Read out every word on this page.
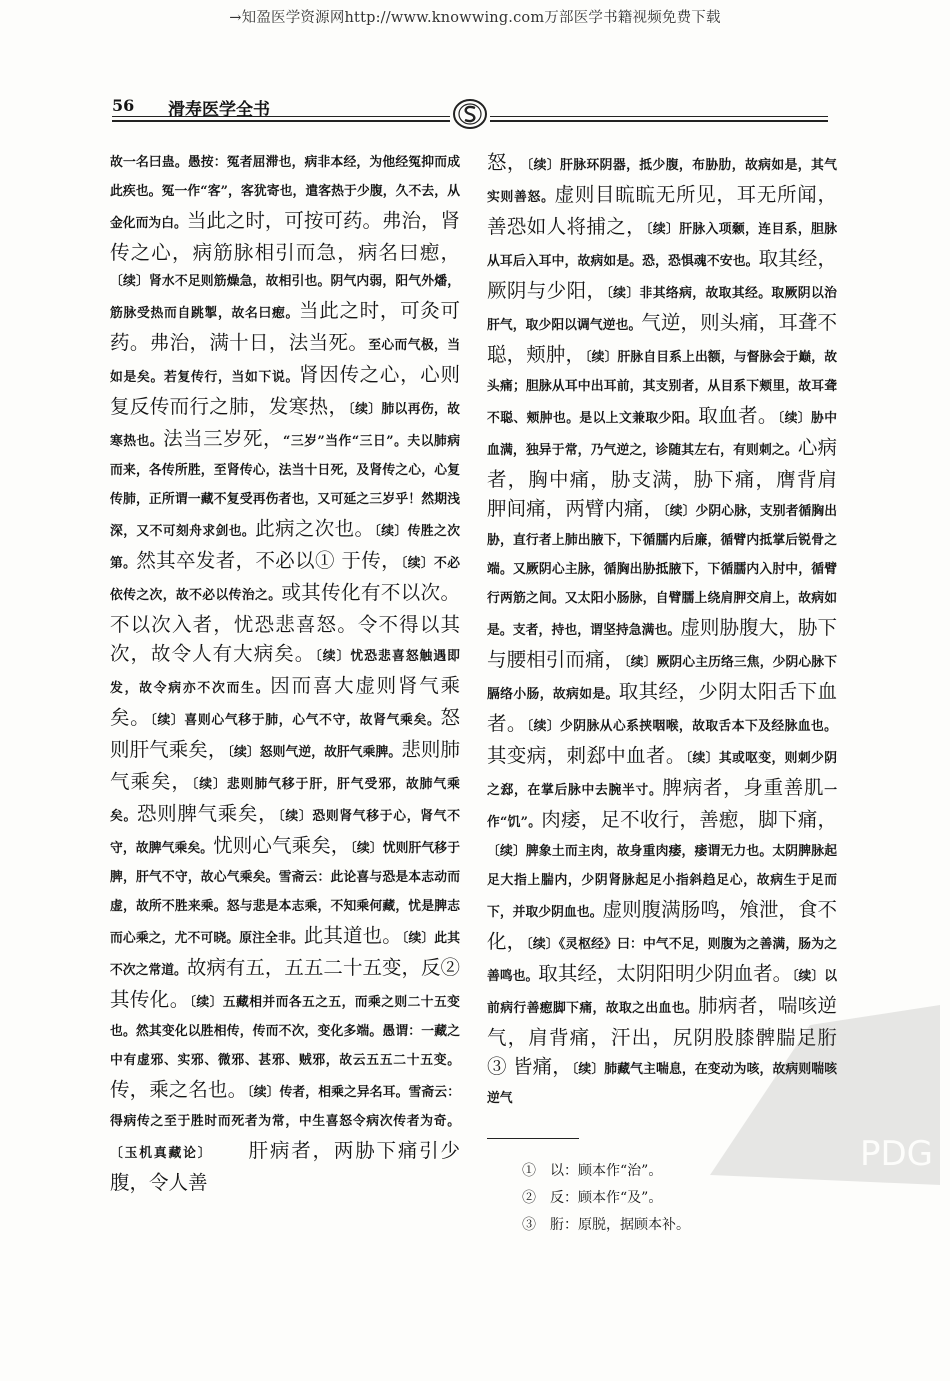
→知盈医学资源网http://www.knowwing.com万部医学书籍视频免费下载
56 滑寿医学全书

故一名曰蛊。愚按：冤者屈滞也，病非本经，为他经冤抑而成此疾也。冤一作“客”，客犹寄也，遣客热于少腹，久不去，从金化而为白。当此之时，可按可药。弗治，肾传之心，病筋脉相引而急，病名曰瘛，〔续〕肾水不足则筋燥急，故相引也。阴气内弱，阳气外燔，筋脉受热而自跳掣，故名曰瘛。当此之时，可灸可药。弗治，满十日，法当死。至心而气极，当如是矣。若复传行，当如下说。肾因传之心，心则复反传而行之肺，发寒热，〔续〕肺以再伤，故寒热也。法当三岁死，“三岁”当作“三日”。夫以肺病而来，各传所胜，至肾传心，法当十日死，及肾传之心，心复传肺，正所谓一藏不复受再伤者也，又可延之三岁乎！然期浅深，又不可刻舟求剑也。此病之次也。〔续〕传胜之次第。然其卒发者，不必以① 于传，〔续〕不必依传之次，故不必以传治之。或其传化有不以次。不以次入者，忧恐悲喜怒。令不得以其次，故令人有大病矣。〔续〕忧恐悲喜怒触遇即发，故令病亦不次而生。因而喜大虚则肾气乘矣。〔续〕喜则心气移于肺，心气不守，故肾气乘矣。怒则肝气乘矣，〔续〕怒则气逆，故肝气乘脾。悲则肺气乘矣，〔续〕悲则肺气移于肝，肝气受邪，故肺气乘矣。恐则脾气乘矣，〔续〕恐则肾气移于心，肾气不守，故脾气乘矣。忧则心气乘矣，〔续〕忧则肝气移于脾，肝气不守，故心气乘矣。雪斋云：此论喜与恐是本志动而虚，故所不胜来乘。怒与悲是本志乘，不知乘何藏，忧是脾志而心乘之，尤不可晓。原注全非。此其道也。〔续〕此其不次之常道。故病有五，五五二十五变，反② 其传化。〔续〕五藏相并而各五之五，而乘之则二十五变也。然其变化以胜相传，传而不次，变化多端。愚谓：一藏之中有虚邪、实邪、微邪、甚邪、贼邪，故云五五二十五变。传，乘之名也。〔续〕传者，相乘之异名耳。雪斋云：得病传之至于胜时而死者为常，中生喜怒令病次传者为奇。〔玉机真藏论〕　　肝病者，两胁下痛引少腹，令人善

怒，〔续〕肝脉环阴器，抵少腹，布胁肋，故病如是，其气实则善怒。虚则目䀮䀮无所见，耳无所闻，善恐如人将捕之，〔续〕肝脉入项颡，连目系，胆脉从耳后入耳中，故病如是。恐，恐惧魂不安也。取其经，厥阴与少阳，〔续〕非其络病，故取其经。取厥阴以治肝气，取少阳以调气逆也。气逆，则头痛，耳聋不聪，颊肿，〔续〕肝脉自目系上出额，与督脉会于巅，故头痛；胆脉从耳中出耳前，其支别者，从目系下颊里，故耳聋不聪、颊肿也。是以上文兼取少阳。取血者。〔续〕胁中血满，独异于常，乃气逆之，诊随其左右，有则刺之。心病者，胸中痛，胁支满，胁下痛，膺背肩胛间痛，两臂内痛，〔续〕少阴心脉，支别者循胸出胁，直行者上肺出腋下，下循臑内后廉，循臂内抵掌后锐骨之端。又厥阴心主脉，循胸出胁抵腋下，下循臑内入肘中，循臂行两筋之间。又太阳小肠脉，自臂臑上绕肩胛交肩上，故病如是。支者，持也，谓坚持急满也。虚则胁腹大，胁下与腰相引而痛，〔续〕厥阴心主历络三焦，少阴心脉下膈络小肠，故病如是。取其经，少阴太阳舌下血者。〔续〕少阴脉从心系挟咽喉，故取舌本下及经脉血也。其变病，刺郄中血者。〔续〕其或呕变，则刺少阴之郄，在掌后脉中去腕半寸。脾病者，身重善肌一作“饥”。肉痿，足不收行，善瘛，脚下痛，〔续〕脾象土而主肉，故身重肉痿，痿谓无力也。太阴脾脉起足大指上腨内，少阴肾脉起足小指斜趋足心，故病生于足而下，并取少阴血也。虚则腹满肠鸣，飧泄，食不化，〔续〕《灵枢经》曰：中气不足，则腹为之善满，肠为之善鸣也。取其经，太阴阳明少阴血者。〔续〕以前病行善瘛脚下痛，故取之出血也。肺病者，喘咳逆气，肩背痛，汗出，尻阴股膝髀腨足胻③ 皆痛，〔续〕肺藏气主喘息，在变动为咳，故病则喘咳逆气

①　以：顾本作“治”。
②　反：顾本作“及”。
③　胻：原脱，据顾本补。
PDG
